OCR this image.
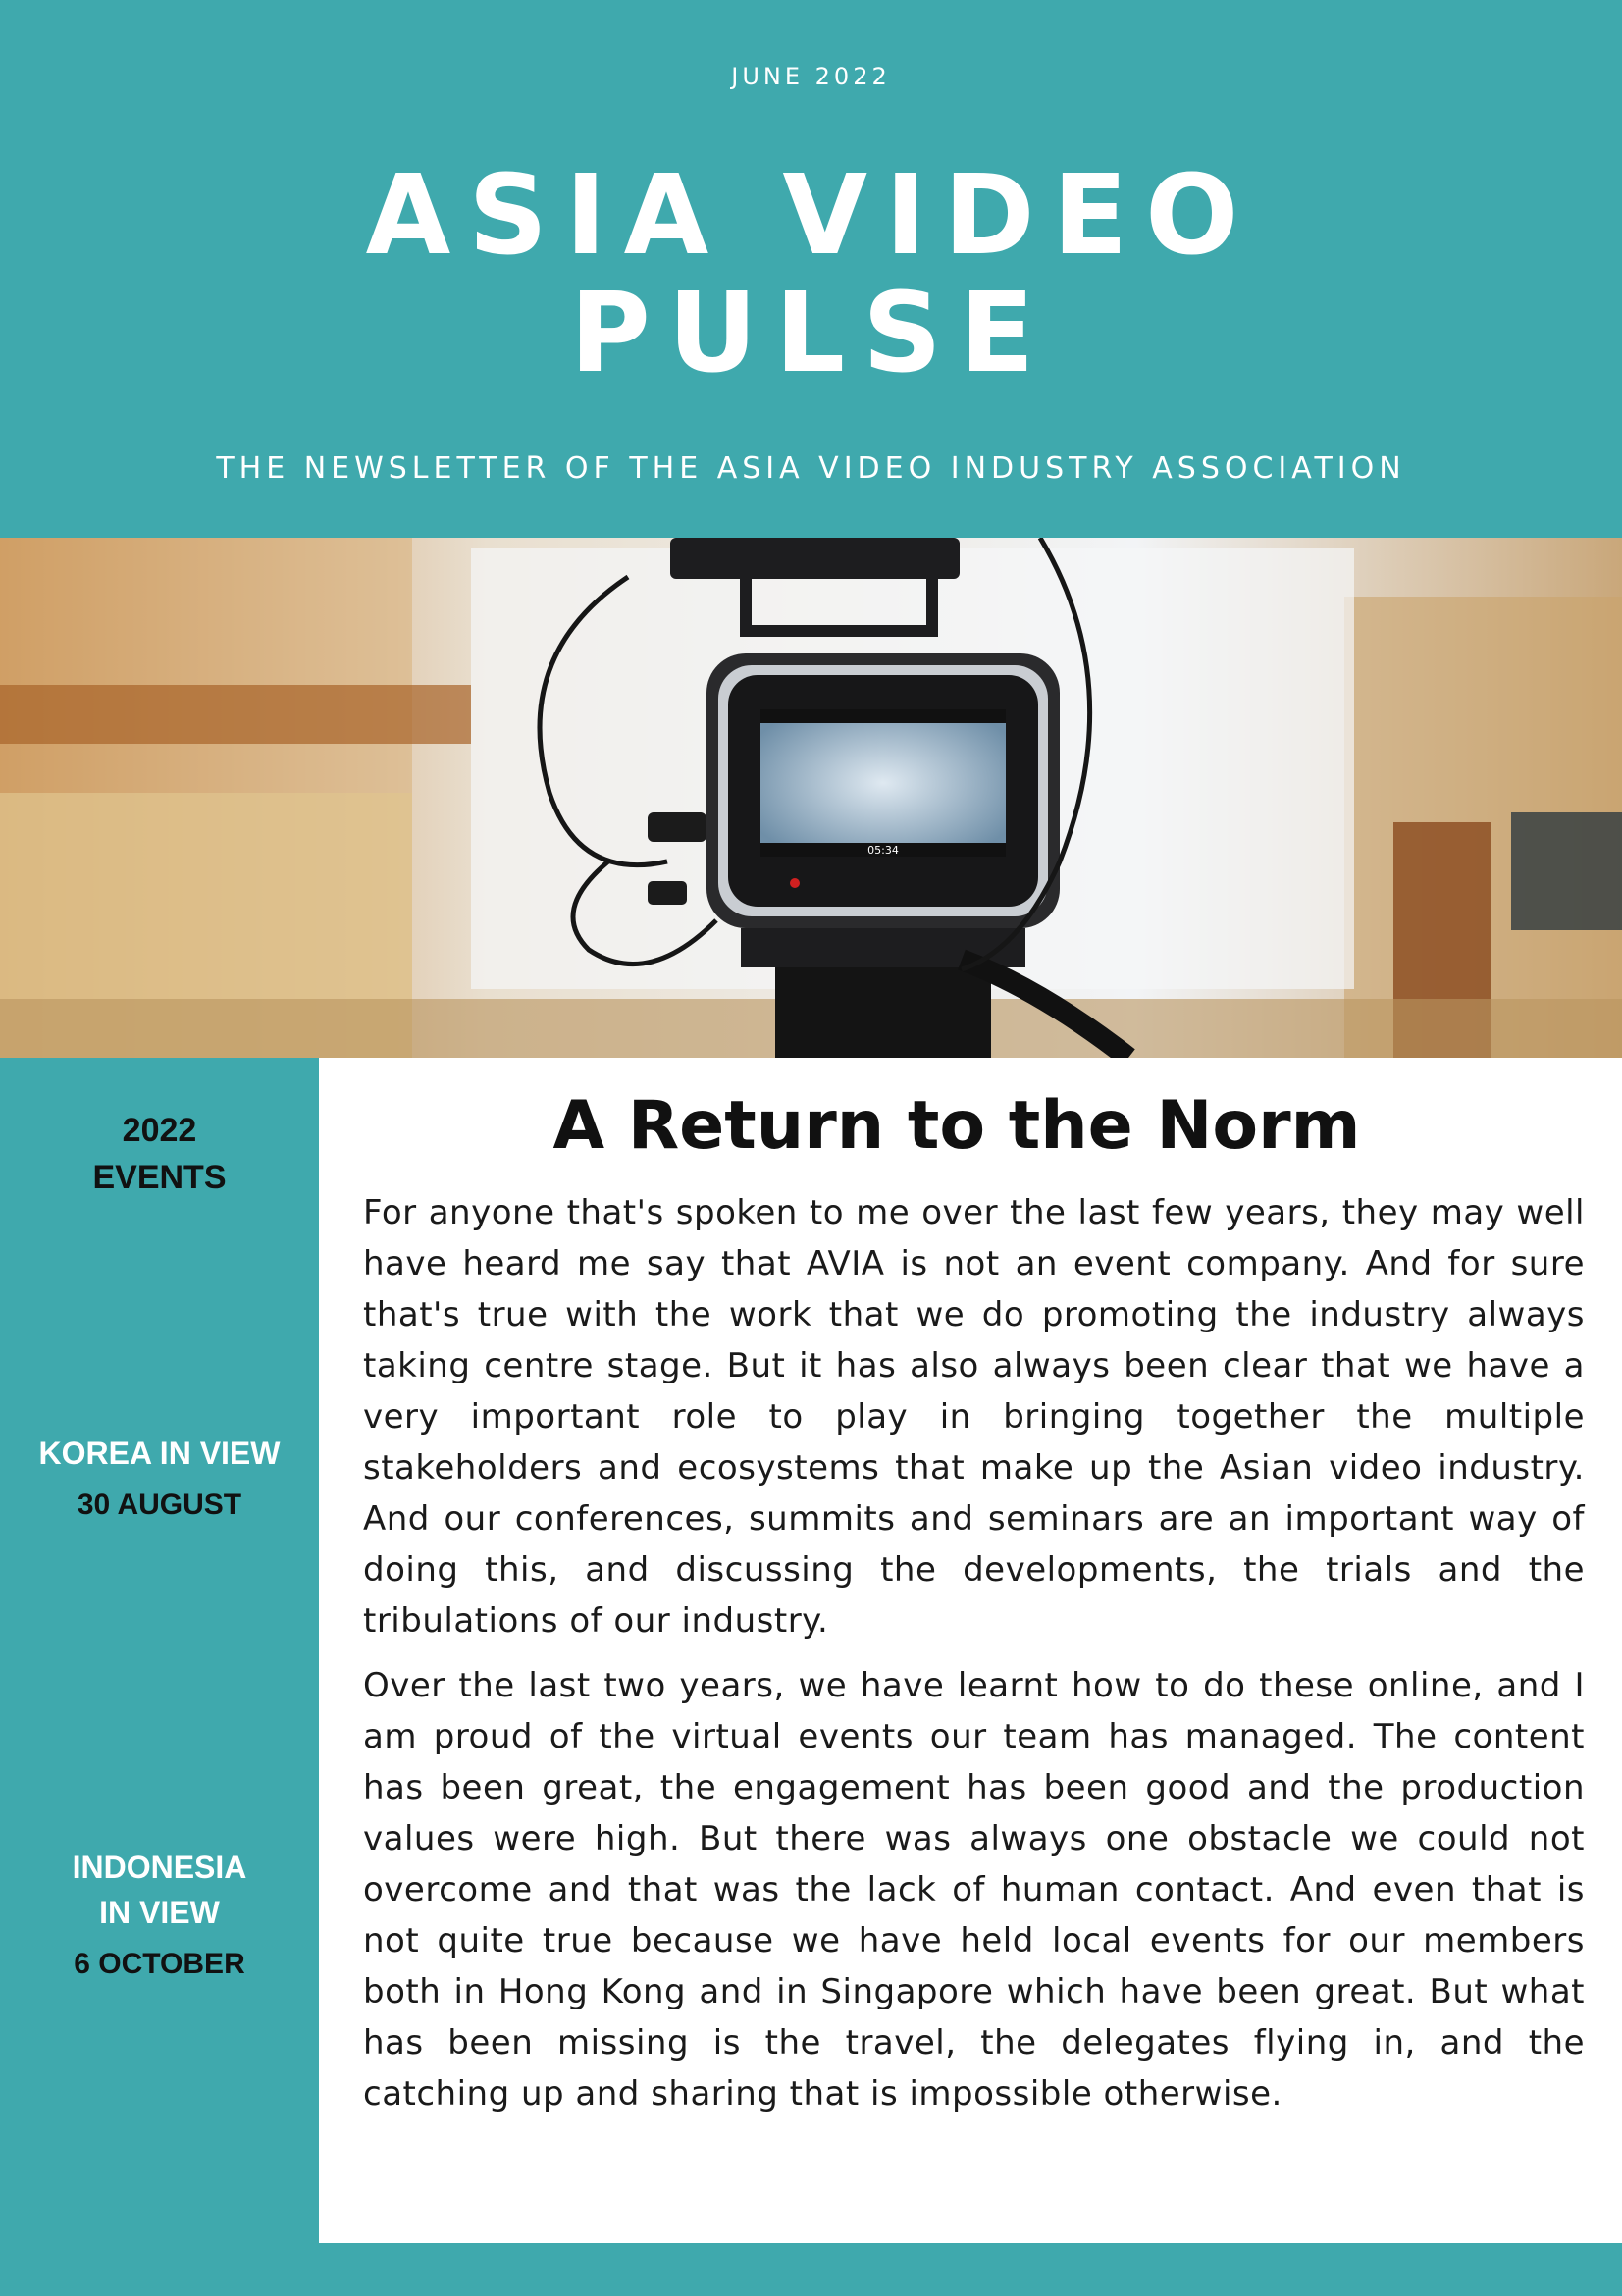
JUNE 2022
ASIA VIDEO
PULSE
THE NEWSLETTER OF THE ASIA VIDEO INDUSTRY ASSOCIATION
05:34
2022
EVENTS
KOREA IN VIEW
30 AUGUST
INDONESIA
IN VIEW
6 OCTOBER
A Return to the Norm

For anyone that's spoken to me over the last few years, they may well have heard me say that AVIA is not an event company. And for sure that's true with the work that we do promoting the industry always taking centre stage. But it has also always been clear that we have a very important role to play in bringing together the multiple stakeholders and ecosystems that make up the Asian video industry. And our conferences, summits and seminars are an important way of doing this, and discussing the developments, the trials and the tribulations of our industry.

Over the last two years, we have learnt how to do these online, and I am proud of the virtual events our team has managed. The content has been great, the engagement has been good and the production values were high. But there was always one obstacle we could not overcome and that was the lack of human contact. And even that is not quite true because we have held local events for our members both in Hong Kong and in Singapore which have been great. But what has been missing is the travel, the delegates flying in, and the catching up and sharing that is impossible otherwise.
